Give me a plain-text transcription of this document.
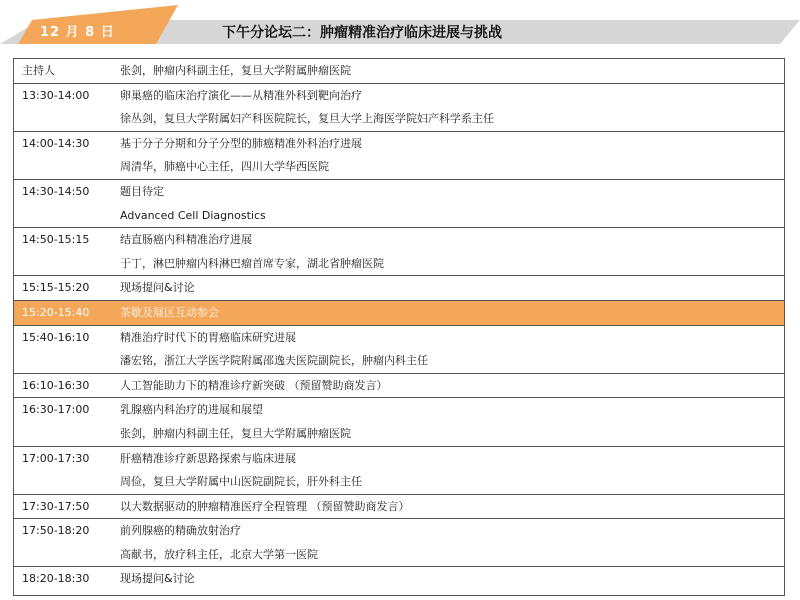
12 月 8 日	下午分论坛二：肿瘤精准治疗临床进展与挑战
主持人	张剑，肿瘤内科副主任，复旦大学附属肿瘤医院
13:30-14:00	卵巢癌的临床治疗演化——从精准外科到靶向治疗
徐丛剑，复旦大学附属妇产科医院院长，复旦大学上海医学院妇产科学系主任
14:00-14:30	基于分子分期和分子分型的肺癌精准外科治疗进展
周清华，肺癌中心主任，四川大学华西医院
14:30-14:50	题目待定
Advanced Cell Diagnostics
14:50-15:15	结直肠癌内科精准治疗进展
于丁，淋巴肿瘤内科淋巴瘤首席专家，湖北省肿瘤医院
15:15-15:20	现场提问&讨论
15:20-15:40	茶歇及展区互动参会
15:40-16:10	精准治疗时代下的胃癌临床研究进展
潘宏铭，浙江大学医学院附属邵逸夫医院副院长，肿瘤内科主任
16:10-16:30	人工智能助力下的精准诊疗新突破 （预留赞助商发言）
16:30-17:00	乳腺癌内科治疗的进展和展望
张剑，肿瘤内科副主任，复旦大学附属肿瘤医院
17:00-17:30	肝癌精准诊疗新思路探索与临床进展
周俭，复旦大学附属中山医院副院长，肝外科主任
17:30-17:50	以大数据驱动的肿瘤精准医疗全程管理 （预留赞助商发言）
17:50-18:20	前列腺癌的精确放射治疗
高献书，放疗科主任，北京大学第一医院
18:20-18:30	现场提问&讨论
